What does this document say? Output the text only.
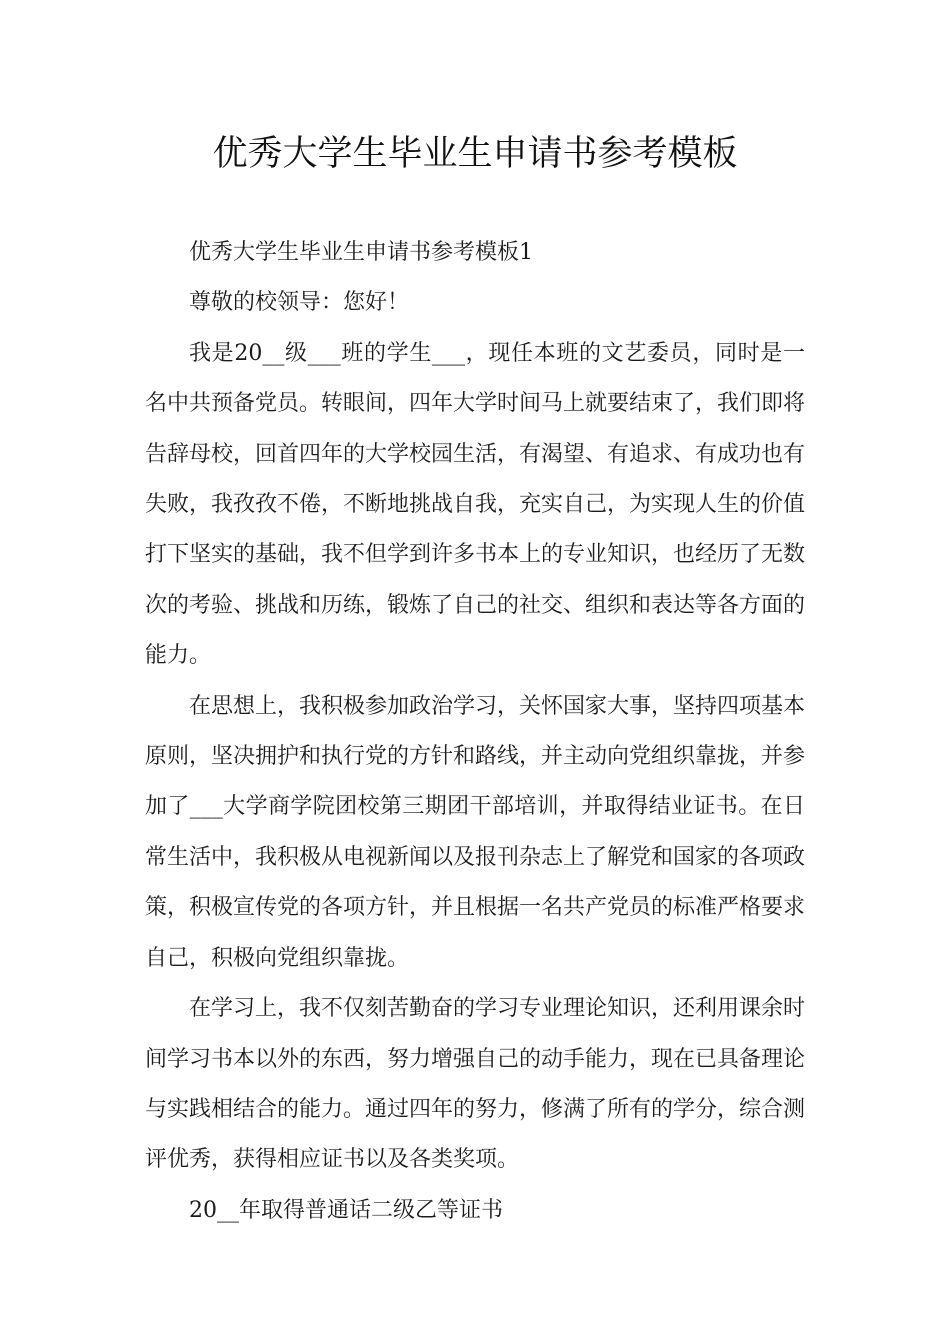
优秀大学生毕业生申请书参考模板

优秀大学生毕业生申请书参考模板1

尊敬的校领导：您好！

我是20__级___班的学生___，现任本班的文艺委员，同时是一名中共预备党员。转眼间，四年大学时间马上就要结束了，我们即将告辞母校，回首四年的大学校园生活，有渴望、有追求、有成功也有失败，我孜孜不倦，不断地挑战自我，充实自己，为实现人生的价值打下坚实的基础，我不但学到许多书本上的专业知识，也经历了无数次的考验、挑战和历练，锻炼了自己的社交、组织和表达等各方面的能力。

在思想上，我积极参加政治学习，关怀国家大事，坚持四项基本原则，坚决拥护和执行党的方针和路线，并主动向党组织靠拢，并参加了___大学商学院团校第三期团干部培训，并取得结业证书。在日常生活中，我积极从电视新闻以及报刊杂志上了解党和国家的各项政策，积极宣传党的各项方针，并且根据一名共产党员的标准严格要求自己，积极向党组织靠拢。

在学习上，我不仅刻苦勤奋的学习专业理论知识，还利用课余时间学习书本以外的东西，努力增强自己的动手能力，现在已具备理论与实践相结合的能力。通过四年的努力，修满了所有的学分，综合测评优秀，获得相应证书以及各类奖项。

20__年取得普通话二级乙等证书
